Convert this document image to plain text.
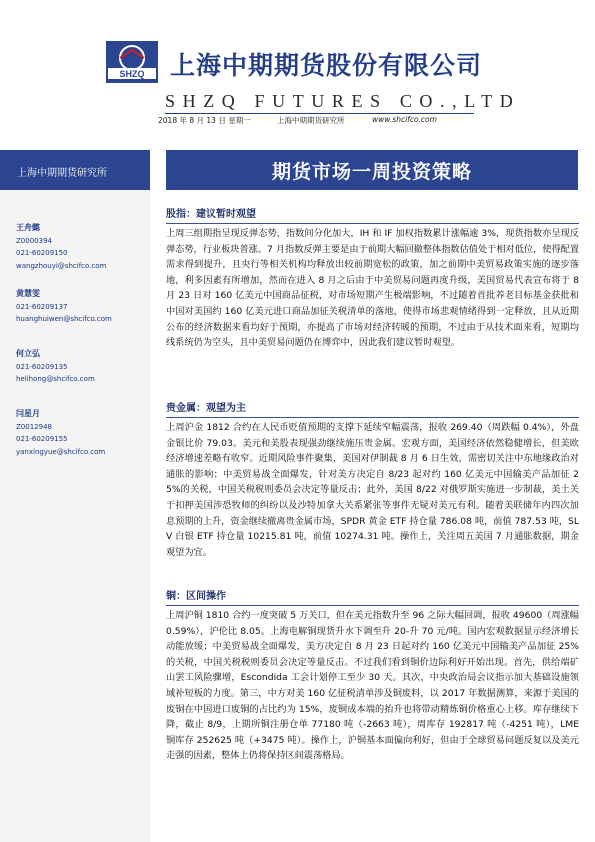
SHZQ 上海中期期货股份有限公司
SHZQ FUTURES CO.,LTD
2018 年 8 月 13 日 星期一	上海中期期货研究所	www.shcifco.com
上海中期期货研究所
王舟懿
Z0000394
021-60209150
wangzhouyi@shcifco.com
黄慧雯
021-60209137
huanghuiwen@shcifco.com
何立弘
021-60209135
helihong@shcifco.com
闫星月
Z0012948
021-60209155
yanxingyue@shcifco.com
期货市场一周投资策略
股指：建议暂时观望
上周三组期指呈现反弹态势，指数间分化加大，IH 和 IF 加权指数累计涨幅逾 3%，现货指数亦呈现反弹态势，行业板块普涨。7 月指数反弹主要是由于前期大幅回撤整体指数估值处于相对低位，使得配置需求得到提升，且央行等相关机构均释放出较前期宽松的政策，加之前期中美贸易政策实施的逐步落地，利多因素有所增加，然而在进入 8 月之后由于中美贸易问题再度升级，美国贸易代表宣布将于 8 月 23 日对 160 亿美元中国商品征税，对市场短期产生极端影响，不过随着首批养老目标基金获批和中国对美国约 160 亿美元进口商品加征关税清单的落地，使得市场悲观情绪得到一定释放，且从近期公布的经济数据来看均好于预期，亦提高了市场对经济转暖的预期，不过由于从技术面来看，短期均线系统仍为空头，且中美贸易问题仍在博弈中，因此我们建议暂时观望。
贵金属：观望为主
上周沪金 1812 合约在人民币贬值预期的支撑下延续窄幅震荡，报收 269.40（周跌幅 0.4%），外盘金银比价 79.03。美元和美股表现强劲继续施压贵金属。宏观方面，美国经济依然稳健增长，但美欧经济增速差略有收窄。近期风险事件聚集，美国对伊制裁 8 月 6 日生效，需密切关注中东地缘政治对通胀的影响；中美贸易战全面爆发，针对美方决定自 8/23 起对约 160 亿美元中国输美产品加征 25%的关税，中国关税税则委员会决定等量反击；此外，美国 8/22 对俄罗斯实施进一步制裁，美土关于扣押美国涉恐牧师的纠纷以及沙特加拿大关系紧张等事件无疑对美元有利。随着美联储年内四次加息预期的上升，资金继续撤离贵金属市场，SPDR 黄金 ETF 持仓量 786.08 吨，前值 787.53 吨，SLV 白银 ETF 持仓量 10215.81 吨，前值 10274.31 吨。操作上，关注周五美国 7 月通胀数据，期金观望为宜。
铜：区间操作
上周沪铜 1810 合约一度突破 5 万关口，但在美元指数升至 96 之际大幅回调，报收 49600（周涨幅 0.59%），沪伦比 8.05。上海电解铜现货升水下调至升 20-升 70 元/吨。国内宏观数据显示经济增长动能放缓；中美贸易战全面爆发，美方决定自 8 月 23 日起对约 160 亿美元中国输美产品加征 25%的关税，中国关税税则委员会决定等量反击。不过我们看到铜价边际利好开始出现。首先，供给端矿山罢工风险骤增，Escondida 工会计划停工至少 30 天。其次，中央政治局会议指示加大基础设施领域补短板的力度。第三，中方对美 160 亿征税清单涉及铜废料，以 2017 年数据测算，来源于美国的废铜在中国进口废铜的占比约为 15%，废铜成本端的抬升也将带动精炼铜价格重心上移。库存继续下降，截止 8/9，上期所铜注册仓单 77180 吨（-2663 吨），周库存 192817 吨（-4251 吨），LME 铜库存 252625 吨（+3475 吨）。操作上，沪铜基本面偏向利好，但由于全球贸易问题反复以及美元走强的因素，整体上仍将保持区间震荡格局。
